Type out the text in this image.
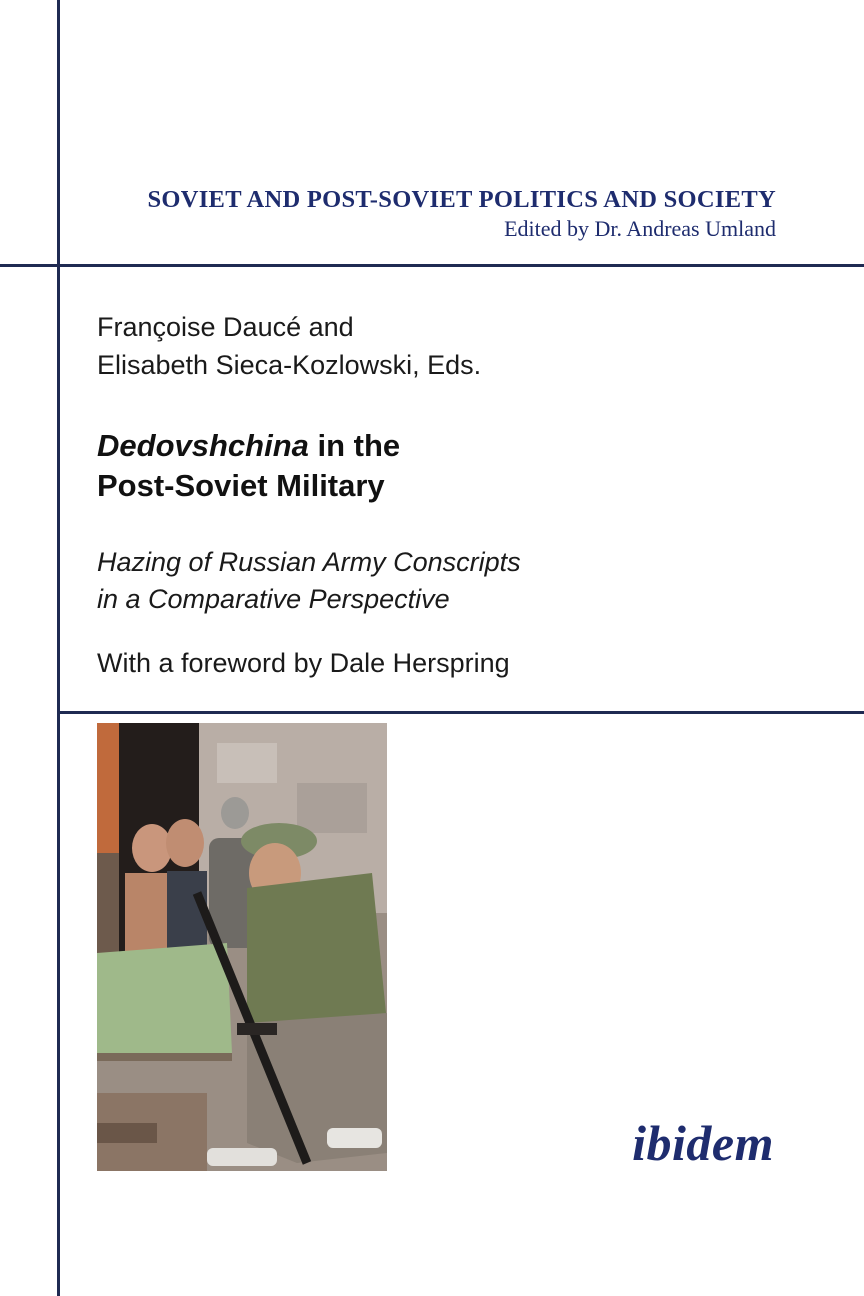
SOVIET AND POST-SOVIET POLITICS AND SOCIETY
Edited by Dr. Andreas Umland
Françoise Daucé and
Elisabeth Sieca-Kozlowski, Eds.
Dedovshchina in the
Post-Soviet Military
Hazing of Russian Army Conscripts
in a Comparative Perspective
With a foreword by Dale Herspring
ibidem
